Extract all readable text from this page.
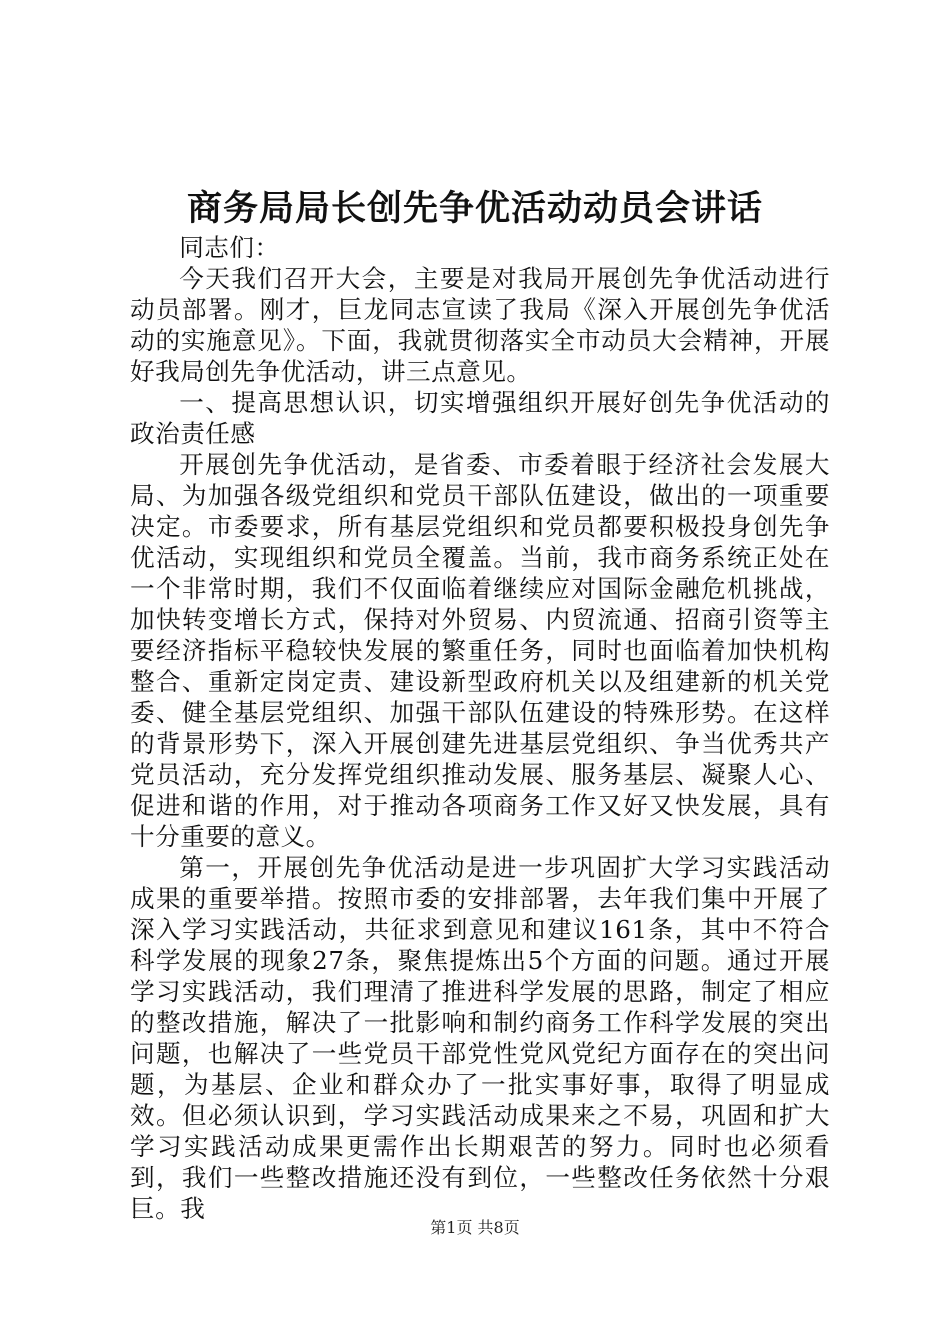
商务局局长创先争优活动动员会讲话

同志们：

今天我们召开大会，主要是对我局开展创先争优活动进行动员部署。刚才，巨龙同志宣读了我局《深入开展创先争优活动的实施意见》。下面，我就贯彻落实全市动员大会精神，开展好我局创先争优活动，讲三点意见。

一、提高思想认识，切实增强组织开展好创先争优活动的政治责任感

开展创先争优活动，是省委、市委着眼于经济社会发展大局、为加强各级党组织和党员干部队伍建设，做出的一项重要决定。市委要求，所有基层党组织和党员都要积极投身创先争优活动，实现组织和党员全覆盖。当前，我市商务系统正处在一个非常时期，我们不仅面临着继续应对国际金融危机挑战，加快转变增长方式，保持对外贸易、内贸流通、招商引资等主要经济指标平稳较快发展的繁重任务，同时也面临着加快机构整合、重新定岗定责、建设新型政府机关以及组建新的机关党委、健全基层党组织、加强干部队伍建设的特殊形势。在这样的背景形势下，深入开展创建先进基层党组织、争当优秀共产党员活动，充分发挥党组织推动发展、服务基层、凝聚人心、促进和谐的作用，对于推动各项商务工作又好又快发展，具有十分重要的意义。

第一，开展创先争优活动是进一步巩固扩大学习实践活动成果的重要举措。按照市委的安排部署，去年我们集中开展了深入学习实践活动，共征求到意见和建议161条，其中不符合科学发展的现象27条，聚焦提炼出5个方面的问题。通过开展学习实践活动，我们理清了推进科学发展的思路，制定了相应的整改措施，解决了一批影响和制约商务工作科学发展的突出问题，也解决了一些党员干部党性党风党纪方面存在的突出问题，为基层、企业和群众办了一批实事好事，取得了明显成效。但必须认识到，学习实践活动成果来之不易，巩固和扩大学习实践活动成果更需作出长期艰苦的努力。同时也必须看到，我们一些整改措施还没有到位，一些整改任务依然十分艰巨。我

第1页 共8页
